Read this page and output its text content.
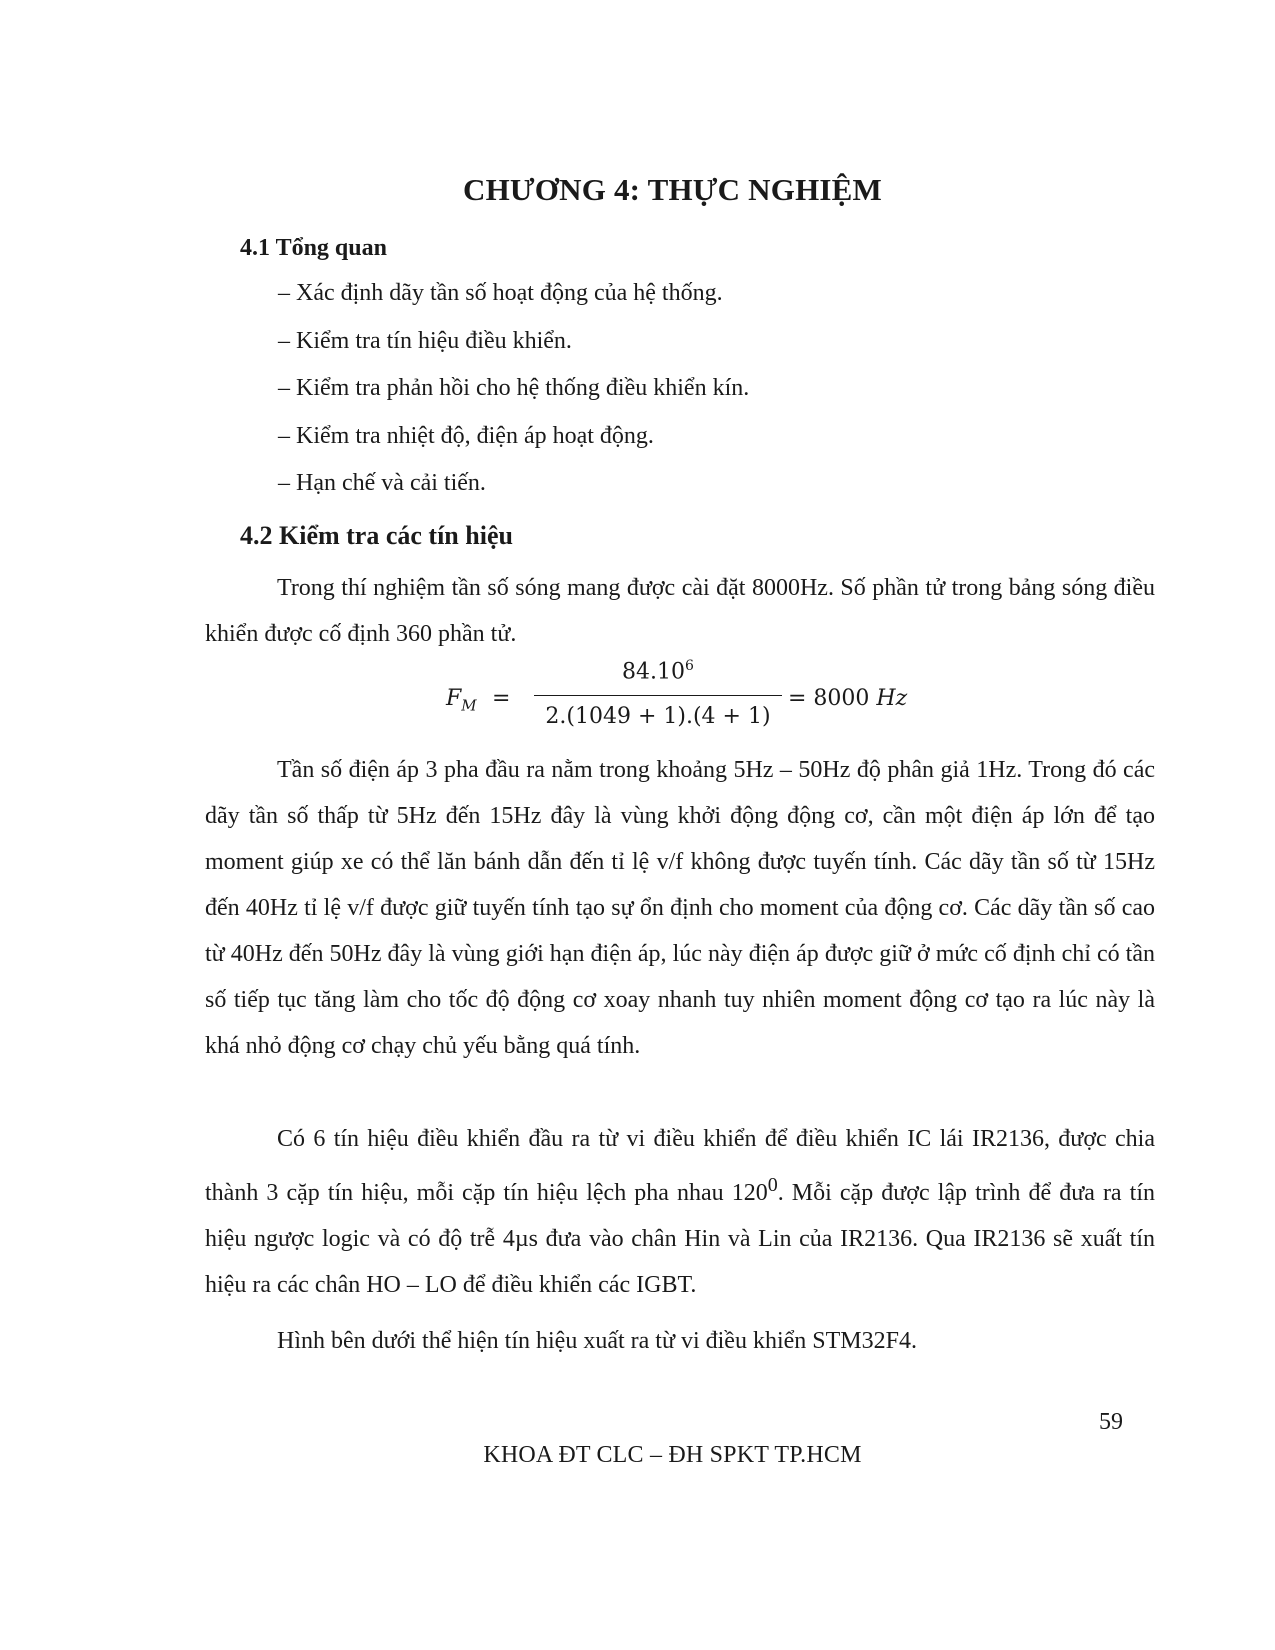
CHƯƠNG 4: THỰC NGHIỆM
4.1 Tổng quan
– Xác định dãy tần số hoạt động của hệ thống.
– Kiểm tra tín hiệu điều khiển.
– Kiểm tra phản hồi cho hệ thống điều khiển kín.
– Kiểm tra nhiệt độ, điện áp hoạt động.
– Hạn chế và cải tiến.
4.2 Kiểm tra các tín hiệu

Trong thí nghiệm tần số sóng mang được cài đặt 8000Hz. Số phần tử trong bảng sóng điều khiển được cố định 360 phần tử.

$F_M$ =
$84.10^6$
2.(1049 + 1).(4 + 1)
= 8000 Hz

Tần số điện áp 3 pha đầu ra nằm trong khoảng 5Hz – 50Hz độ phân giả 1Hz. Trong đó các dãy tần số thấp từ 5Hz đến 15Hz đây là vùng khởi động động cơ, cần một điện áp lớn để tạo moment giúp xe có thể lăn bánh dẫn đến tỉ lệ v/f không được tuyến tính. Các dãy tần số từ 15Hz đến 40Hz tỉ lệ v/f được giữ tuyến tính tạo sự ổn định cho moment của động cơ. Các dãy tần số cao từ 40Hz đến 50Hz đây là vùng giới hạn điện áp, lúc này điện áp được giữ ở mức cố định chỉ có tần số tiếp tục tăng làm cho tốc độ động cơ xoay nhanh tuy nhiên moment động cơ tạo ra lúc này là khá nhỏ động cơ chạy chủ yếu bằng quá tính.

Có 6 tín hiệu điều khiển đầu ra từ vi điều khiển để điều khiển IC lái IR2136, được chia thành 3 cặp tín hiệu, mỗi cặp tín hiệu lệch pha nhau $120^0$. Mỗi cặp được lập trình để đưa ra tín hiệu ngược logic và có độ trễ 4µs đưa vào chân Hin và Lin của IR2136. Qua IR2136 sẽ xuất tín hiệu ra các chân HO – LO để điều khiển các IGBT.

Hình bên dưới thể hiện tín hiệu xuất ra từ vi điều khiển STM32F4.

59
KHOA ĐT CLC – ĐH SPKT TP.HCM
